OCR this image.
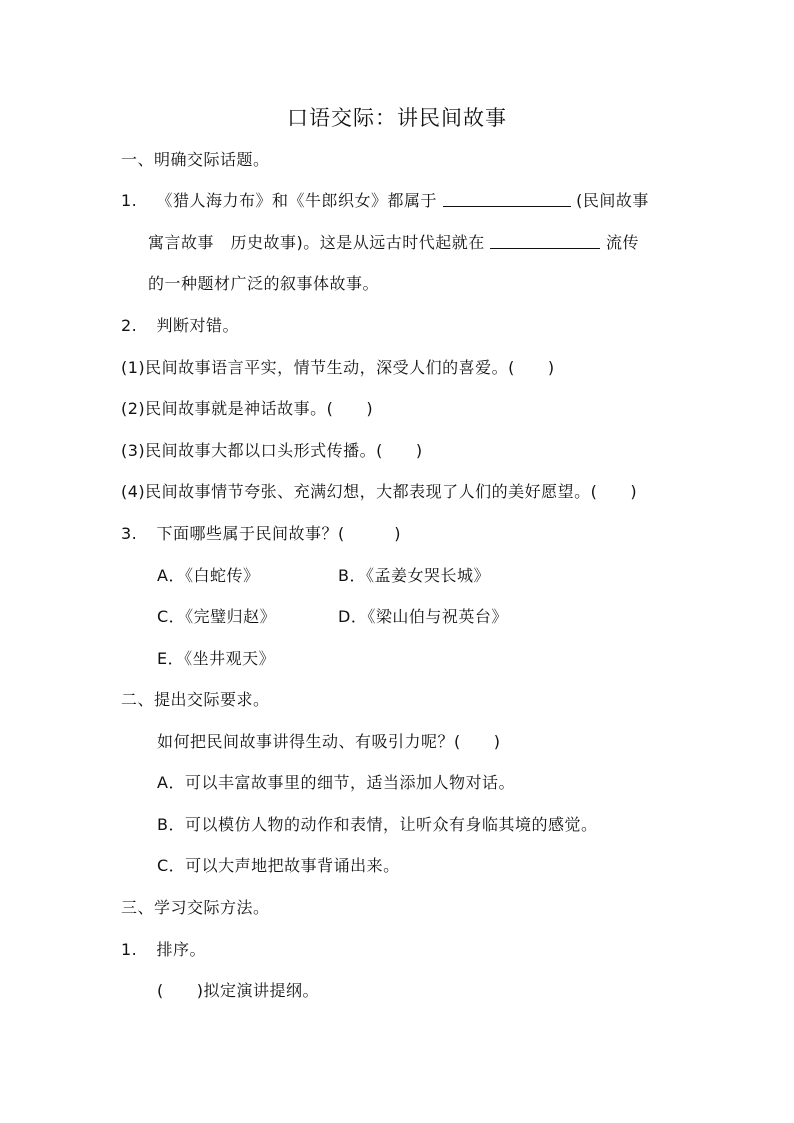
口语交际：讲民间故事
一、明确交际话题。
1. 《猎人海力布》和《牛郎织女》都属于	(民间故事
寓言故事　历史故事)。这是从远古时代起就在	流传
的一种题材广泛的叙事体故事。
2. 判断对错。
(1)民间故事语言平实，情节生动，深受人们的喜爱。(　　)
(2)民间故事就是神话故事。(　　)
(3)民间故事大都以口头形式传播。(　　)
(4)民间故事情节夸张、充满幻想，大都表现了人们的美好愿望。(　　)
3. 下面哪些属于民间故事？(　　　)
A．《白蛇传》	B．《孟姜女哭长城》
C．《完璧归赵》	D．《梁山伯与祝英台》
E．《坐井观天》
二、提出交际要求。
如何把民间故事讲得生动、有吸引力呢？(　　)
A．可以丰富故事里的细节，适当添加人物对话。
B．可以模仿人物的动作和表情，让听众有身临其境的感觉。
C．可以大声地把故事背诵出来。
三、学习交际方法。
1. 排序。
(　　)拟定演讲提纲。
